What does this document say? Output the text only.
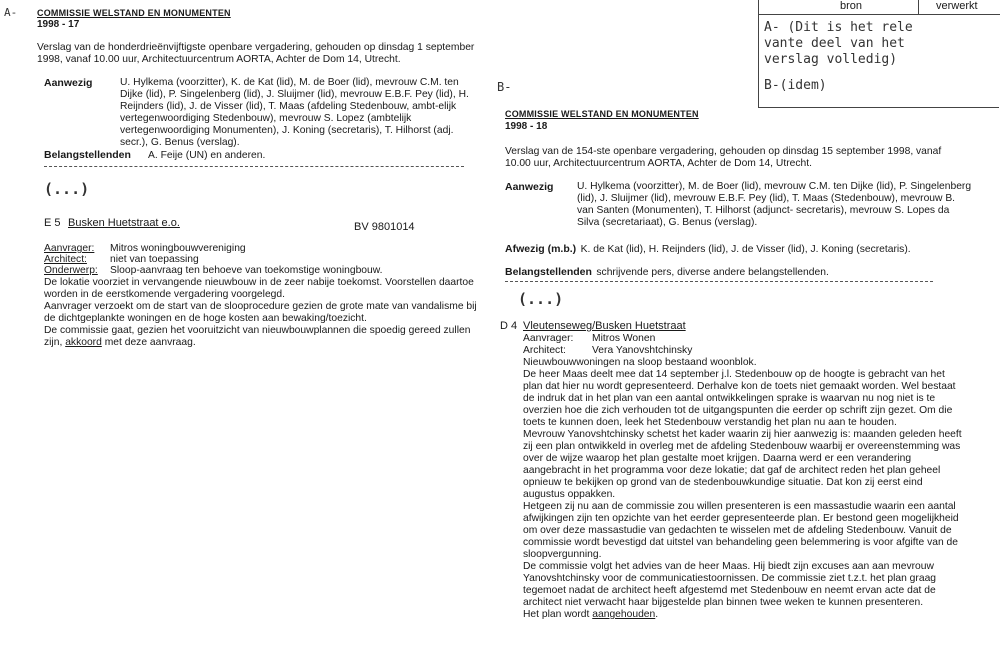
bron	verwerkt
A- (Dit is het rele
vante deel van het
verslag volledig)
B-(idem)
A- COMMISSIE WELSTAND EN MONUMENTEN
1998 - 17
Verslag van de honderdrieënvijftigste openbare vergadering, gehouden op dinsdag 1 september 1998, vanaf 10.00 uur, Architectuurcentrum AORTA, Achter de Dom 14, Utrecht.
Aanwezig	U. Hylkema (voorzitter), K. de Kat (lid), M. de Boer (lid), mevrouw C.M. ten Dijke (lid), P. Singelenberg (lid), J. Sluijmer (lid), mevrouw E.B.F. Pey (lid), H. Reijnders (lid), J. de Visser (lid), T. Maas (afdeling Stedenbouw, ambt-elijk vertegenwoordiging Stedenbouw), mevrouw S. Lopez (ambtelijk vertegenwoordiging Monumenten), J. Koning (secretaris), T. Hilhorst (adj. secr.), G. Benus (verslag).
Belangstellenden A. Feije (UN) en anderen.
(...)
E 5 Busken Huetstraat e.o.	BV 9801014
Aanvrager: Mitros woningbouwvereniging
Architect: niet van toepassing
Onderwerp: Sloop-aanvraag ten behoeve van toekomstige woningbouw.
De lokatie voorziet in vervangende nieuwbouw in de zeer nabije toekomst. Voorstellen daartoe
worden in de eerstkomende vergadering voorgelegd.
Aanvrager verzoekt om de start van de slooprocedure gezien de grote mate van vandalisme bij
de dichtgeplankte woningen en de hoge kosten aan bewaking/toezicht.
De commissie gaat, gezien het vooruitzicht van nieuwbouwplannen die spoedig gereed zullen
zijn, akkoord met deze aanvraag.
B-
COMMISSIE WELSTAND EN MONUMENTEN
1998 - 18
Verslag van de 154-ste openbare vergadering, gehouden op dinsdag 15 september 1998, vanaf 10.00 uur, Architectuurcentrum AORTA, Achter de Dom 14, Utrecht.
Aanwezig U. Hylkema (voorzitter), M. de Boer (lid), mevrouw C.M. ten Dijke (lid), P. Singelenberg (lid), J. Sluijmer (lid), mevrouw E.B.F. Pey (lid), T. Maas (Stedenbouw), mevrouw B. van Santen (Monumenten), T. Hilhorst (adjunct- secretaris), mevrouw S. Lopes da Silva (secretariaat), G. Benus (verslag).
Afwezig (m.b.) K. de Kat (lid), H. Reijnders (lid), J. de Visser (lid), J. Koning (secretaris).
Belangstellenden schrijvende pers, diverse andere belangstellenden.
(...)
D 4 Vleutenseweg/Busken Huetstraat
Aanvrager: Mitros Wonen
Architect:	Vera Yanovshtchinsky
Nieuwbouwwoningen na sloop bestaand woonblok.
De heer Maas deelt mee dat 14 september j.l. Stedenbouw op de hoogte is gebracht van het
plan dat hier nu wordt gepresenteerd. Derhalve kon de toets niet gemaakt worden. Wel bestaat
de indruk dat in het plan van een aantal ontwikkelingen sprake is waarvan nu nog niet is te
overzien hoe die zich verhouden tot de uitgangspunten die eerder op schrift zijn gezet. Om die
toets te kunnen doen, leek het Stedenbouw verstandig het plan nu aan te houden.
Mevrouw Yanovshtchinsky schetst het kader waarin zij hier aanwezig is: maanden geleden heeft
zij een plan ontwikkeld in overleg met de afdeling Stedenbouw waarbij er overeenstemming was
over de wijze waarop het plan gestalte moet krijgen. Daarna werd er een verandering
aangebracht in het programma voor deze lokatie; dat gaf de architect reden het plan geheel
opnieuw te bekijken op grond van de stedenbouwkundige situatie. Dat kon zij eerst eind
augustus oppakken.
Hetgeen zij nu aan de commissie zou willen presenteren is een massastudie waarin een aantal
afwijkingen zijn ten opzichte van het eerder gepresenteerde plan. Er bestond geen mogelijkheid
om over deze massastudie van gedachten te wisselen met de afdeling Stedenbouw. Vanuit de
commissie wordt bevestigd dat uitstel van behandeling geen belemmering is voor afgifte van de
sloopvergunning.
De commissie volgt het advies van de heer Maas. Hij biedt zijn excuses aan aan mevrouw
Yanovshtchinsky voor de communicatiestoornissen. De commissie ziet t.z.t. het plan graag
tegemoet nadat de architect heeft afgestemd met Stedenbouw en neemt ervan acte dat de
architect niet verwacht haar bijgestelde plan binnen twee weken te kunnen presenteren.
Het plan wordt aangehouden.
